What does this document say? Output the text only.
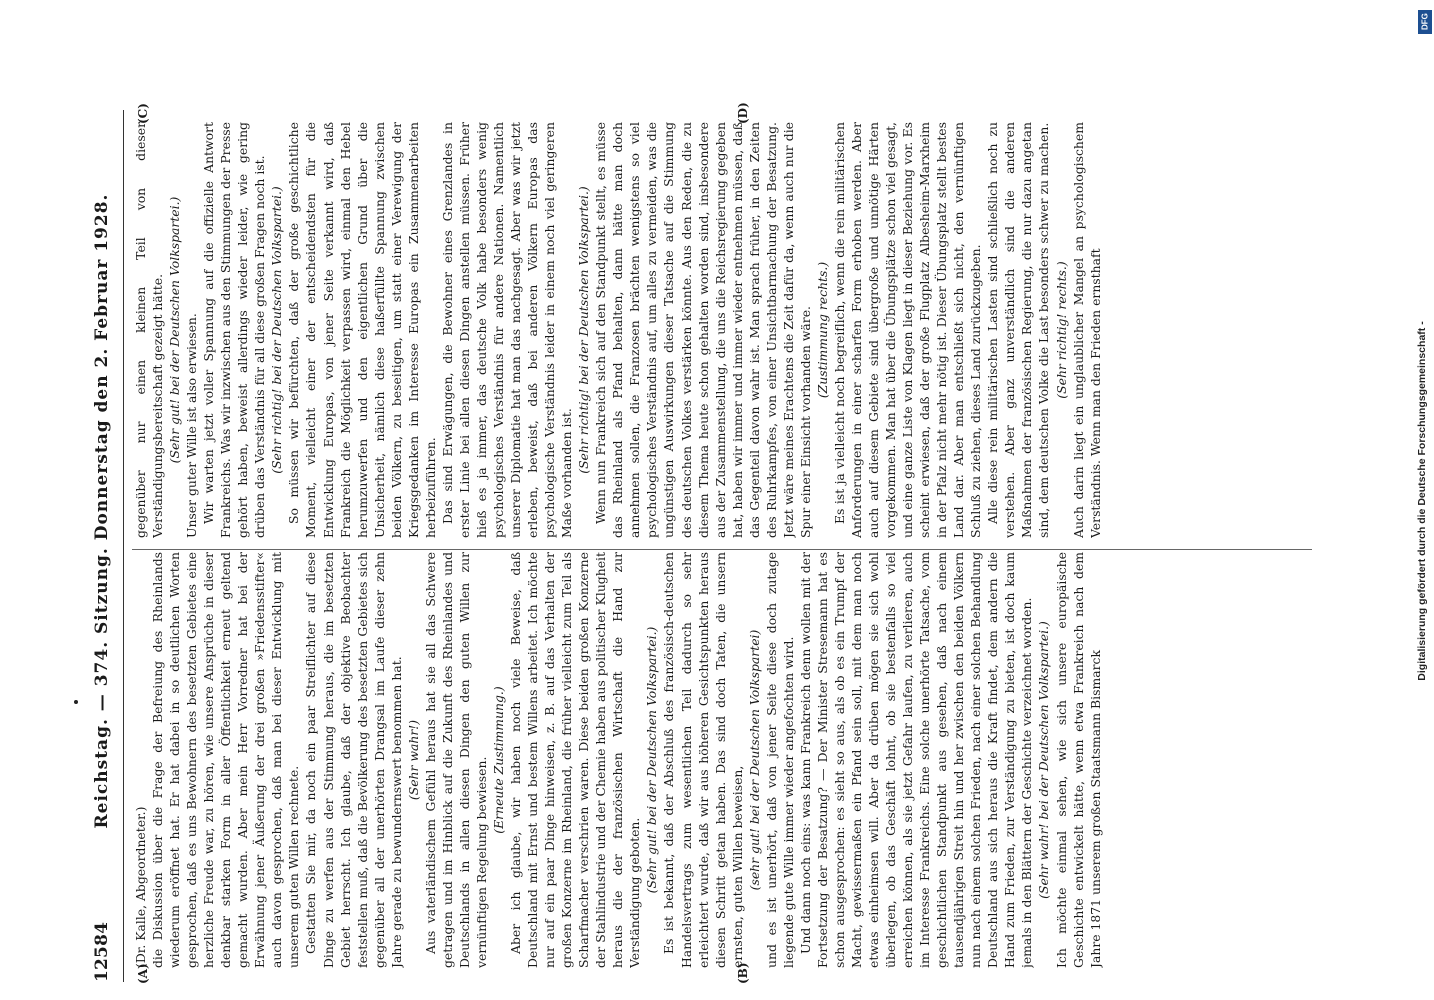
12584
Reichstag. — 374. Sitzung. Donnerstag den 2. Februar 1928.
(A)	(B)
(C)	(D)

(Dr. Kalle, Abgeordneter.) die Diskussion über die Frage der Befreiung des Rheinlands wiederum eröffnet hat. Er hat dabei in so deutlichen Worten gesprochen, daß es uns Bewohnern des besetzten Gebietes eine herzliche Freude war, zu hören, wie unsere Ansprüche in dieser denkbar starken Form in aller Öffentlichkeit erneut geltend gemacht wurden. Aber mein Herr Vorredner hat bei der Erwähnung jener Äußerung der drei großen »Friedensstifter« auch davon gesprochen, daß man bei dieser Entwicklung mit unserem guten Willen rechnete. Gestatten Sie mir, da noch ein paar Streiflichter auf diese Dinge zu werfen aus der Stimmung heraus, die im besetzten Gebiet herrscht. Ich glaube, daß der objektive Beobachter feststellen muß, daß die Bevölkerung des besetzten Gebietes sich gegenüber all der unerhörten Drangsal im Laufe dieser zehn Jahre gerade zu bewundernswert benommen hat. (Sehr wahr!) Aus vaterländischem Gefühl heraus hat sie all das Schwere getragen und im Hinblick auf die Zukunft des Rheinlandes und Deutschlands in allen diesen Dingen den guten Willen zur vernünftigen Regelung bewiesen. (Erneute Zustimmung.) Aber ich glaube, wir haben noch viele Beweise, daß Deutschland mit Ernst und bestem Willens arbeitet. Ich möchte nur auf ein paar Dinge hinweisen, z. B. auf das Verhalten der großen Konzerne im Rheinland, die früher vielleicht zum Teil als Scharfmacher verschrien waren. Diese beiden großen Konzerne der Stahlindustrie und der Chemie haben aus politischer Klugheit heraus die der französischen Wirtschaft die Hand zur Verständigung geboten. (Sehr gut! bei der Deutschen Volkspartei.) Es ist bekannt, daß der Abschluß des französisch-deutschen Handelsvertrags zum wesentlichen Teil dadurch so sehr erleichtert wurde, daß wir aus höheren Gesichtspunkten heraus diesen Schritt getan haben. Das sind doch Taten, die unsern ernsten, guten Willen beweisen, (sehr gut! bei der Deutschen Volkspartei) und es ist unerhört, daß von jener Seite diese doch zutage liegende gute Wille immer wieder angefochten wird. Und dann noch eins: was kann Frankreich denn wollen mit der Fortsetzung der Besatzung? — Der Minister Stresemann hat es schon ausgesprochen: es sieht so aus, als ob es ein Trumpf der Macht, gewissermaßen ein Pfand sein soll, mit dem man noch etwas einheimsen will. Aber da drüben mögen sie sich wohl überlegen, ob das Geschäft lohnt, ob sie bestenfalls so viel erreichen können, als sie jetzt Gefahr laufen, zu verlieren, auch im Interesse Frankreichs. Eine solche unerhörte Tatsache, vom geschichtlichen Standpunkt aus gesehen, daß nach einem tausendjährigen Streit hin und her zwischen den beiden Völkern nun nach einem solchen Frieden, nach einer solchen Behandlung Deutschland aus sich heraus die Kraft findet, dem andern die Hand zum Frieden, zur Verständigung zu bieten, ist doch kaum jemals in den Blättern der Geschichte verzeichnet worden. (Sehr wahr! bei der Deutschen Volkspartei.) Ich möchte einmal sehen, wie sich unsere europäische Geschichte entwickelt hätte, wenn etwa Frankreich nach dem Jahre 1871 unserem großen Staatsmann Bismarck

gegenüber nur einen kleinen Teil von dieser Verständigungsbereitschaft gezeigt hätte. (Sehr gut! bei der Deutschen Volkspartei.) Unser guter Wille ist also erwiesen. Wir warten jetzt voller Spannung auf die offizielle Antwort Frankreichs. Was wir inzwischen aus den Stimmungen der Presse gehört haben, beweist allerdings wieder leider, wie gering drüben das Verständnis für all diese großen Fragen noch ist. (Sehr richtig! bei der Deutschen Volkspartei.) So müssen wir befürchten, daß der große geschichtliche Moment, vielleicht einer der entscheidendsten für die Entwicklung Europas, von jener Seite verkannt wird, daß Frankreich die Möglichkeit verpassen wird, einmal den Hebel herumzuwerfen und den eigentlichen Grund über die Unsicherheit, nämlich diese haßerfüllte Spannung zwischen beiden Völkern, zu beseitigen, um statt einer Verewigung der Kriegsgedanken im Interesse Europas ein Zusammenarbeiten herbeizuführen. Das sind Erwägungen, die Bewohner eines Grenzlandes in erster Linie bei allen diesen Dingen anstellen müssen. Früher hieß es ja immer, das deutsche Volk habe besonders wenig psychologisches Verständnis für andere Nationen. Namentlich unserer Diplomatie hat man das nachgesagt. Aber was wir jetzt erleben, beweist, daß bei anderen Völkern Europas das psychologische Verständnis leider in einem noch viel geringeren Maße vorhanden ist. (Sehr richtig! bei der Deutschen Volkspartei.) Wenn nun Frankreich sich auf den Standpunkt stellt, es müsse das Rheinland als Pfand behalten, dann hätte man doch annehmen sollen, die Franzosen brächten wenigstens so viel psychologisches Verständnis auf, um alles zu vermeiden, was die ungünstigen Auswirkungen dieser Tatsache auf die Stimmung des deutschen Volkes verstärken könnte. Aus den Reden, die zu diesem Thema heute schon gehalten worden sind, insbesondere aus der Zusammenstellung, die uns die Reichsregierung gegeben hat, haben wir immer und immer wieder entnehmen müssen, daß das Gegenteil davon wahr ist. Man sprach früher, in den Zeiten des Ruhrkampfes, von einer Unsichtbarmachung der Besatzung. Jetzt wäre meines Erachtens die Zeit dafür da, wenn auch nur die Spur einer Einsicht vorhanden wäre. (Zustimmung rechts.) Es ist ja vielleicht noch begreiflich, wenn die rein militärischen Anforderungen in einer scharfen Form erhoben werden. Aber auch auf diesem Gebiete sind übergroße und unnötige Härten vorgekommen. Man hat über die Übungsplätze schon viel gesagt, und eine ganze Liste von Klagen liegt in dieser Beziehung vor. Es scheint erwiesen, daß der große Flugplatz Albesheim-Marxheim in der Pfalz nicht mehr nötig ist. Dieser Übungsplatz stellt bestes Land dar. Aber man entschließt sich nicht, den vernünftigen Schluß zu ziehen, dieses Land zurückzugeben. Alle diese rein militärischen Lasten sind schließlich noch zu verstehen. Aber ganz unverständlich sind die anderen Maßnahmen der französischen Regierung, die nur dazu angetan sind, dem deutschen Volke die Last besonders schwer zu machen. (Sehr richtig! rechts.) Auch darin liegt ein unglaublicher Mangel an psychologischem Verständnis. Wenn man den Frieden ernsthaft	Digitalisierung gefördert durch die Deutsche Forschungsgemeinschaft -
DFG
